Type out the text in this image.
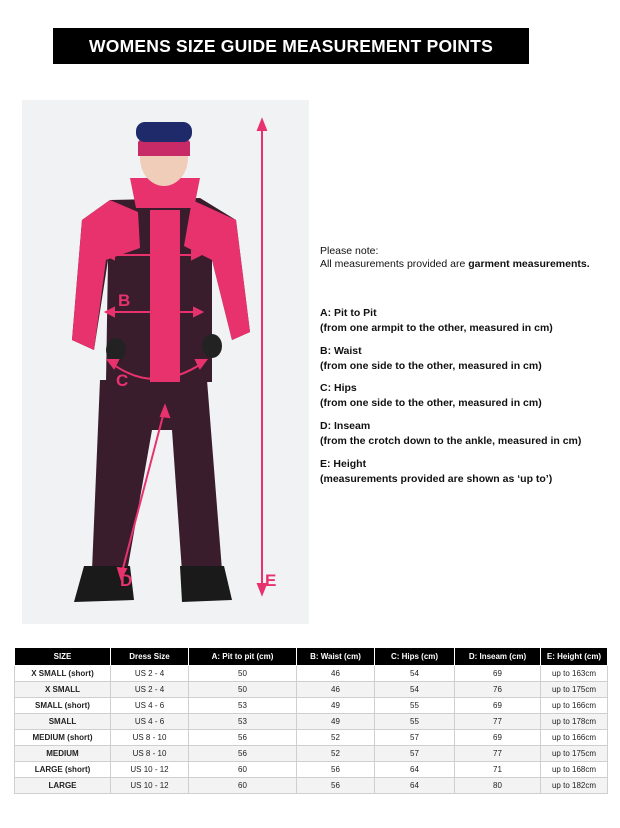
WOMENS SIZE GUIDE MEASUREMENT POINTS
A
B
C
D	E
Please note:
All measurements provided are garment measurements.
A: Pit to Pit
(from one armpit to the other, measured in cm)
B: Waist
(from one side to the other, measured in cm)
C: Hips
(from one side to the other, measured in cm)
D: Inseam
(from the crotch down to the ankle, measured in cm)
E: Height
(measurements provided are shown as ‘up to’)
SIZE	Dress Size	A: Pit to pit (cm)	B: Waist (cm)	C: Hips (cm)	D: Inseam (cm)	E: Height (cm)
X SMALL (short)	US 2 - 4	50	46	54	69	up to 163cm
X SMALL	US 2 - 4	50	46	54	76	up to 175cm
SMALL (short)	US 4 - 6	53	49	55	69	up to 166cm
SMALL	US 4 - 6	53	49	55	77	up to 178cm
MEDIUM (short)	US 8 - 10	56	52	57	69	up to 166cm
MEDIUM	US 8 - 10	56	52	57	77	up to 175cm
LARGE (short)	US 10 - 12	60	56	64	71	up to 168cm
LARGE	US 10 - 12	60	56	64	80	up to 182cm
